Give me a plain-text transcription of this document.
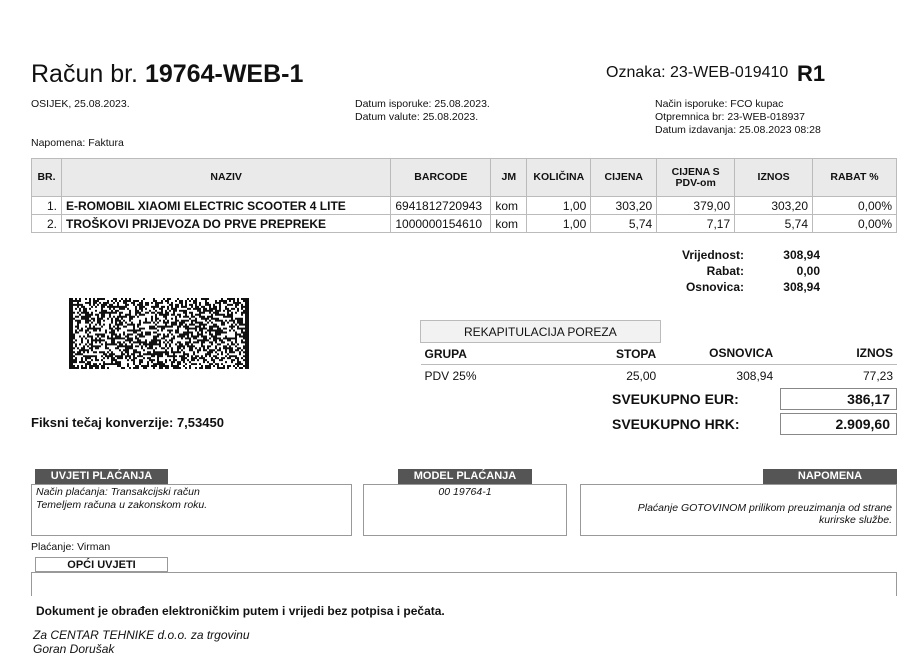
Račun br. 19764-WEB-1	Oznaka: 23-WEB-019410 R1
OSIJEK, 25.08.2023.
Napomena: Faktura
Datum isporuke: 25.08.2023.
Datum valute: 25.08.2023.
Način isporuke: FCO kupac
Otpremnica br: 23-WEB-018937
Datum izdavanja: 25.08.2023 08:28
BR.	NAZIV	BARCODE	JM	KOLIČINA	CIJENA	CIJENA S PDV-om	IZNOS	RABAT %
1.	E-ROMOBIL XIAOMI ELECTRIC SCOOTER 4 LITE	6941812720943	kom	1,00	303,20	379,00	303,20	0,00%
2.	TROŠKOVI PRIJEVOZA DO PRVE PREPREKE	1000000154610	kom	1,00	5,74	7,17	5,74	0,00%
Vrijednost:	308,94
Rabat:	0,00
Osnovica:	308,94
REKAPITULACIJA POREZA			
GRUPA	STOPA	OSNOVICA	IZNOS
PDV 25%	25,00	308,94	77,23
SVEUKUPNO EUR:	386,17
SVEUKUPNO HRK:	2.909,60
Fiksni tečaj konverzije: 7,53450
UVJETI PLAĆANJA
Način plaćanja: Transakcijski račun
Temeljem računa u zakonskom roku.
MODEL PLAĆANJA
00 19764-1
NAPOMENA
Plaćanje GOTOVINOM prilikom preuzimanja od strane
kurirske službe.
Plaćanje: Virman
OPĆI UVJETI
Dokument je obrađen elektroničkim putem i vrijedi bez potpisa i pečata.
Za CENTAR TEHNIKE d.o.o. za trgovinu
Goran Dorušak
